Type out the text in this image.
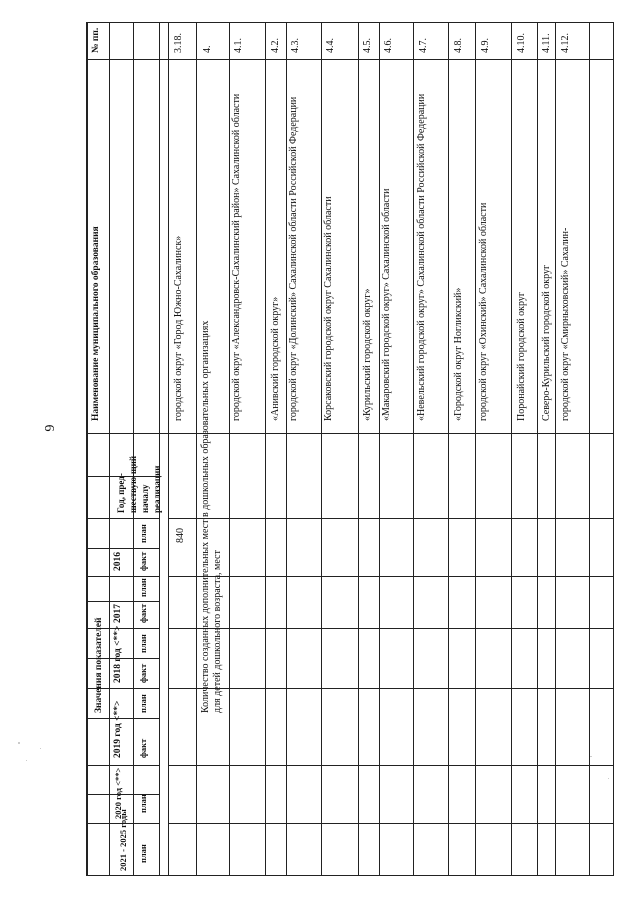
6
№ пп.
Наименование муниципального образования
Год, пред-шествую-щий началу реализации
Значения показателей
2016
2017
2018 год <**>
2019 год <**>
2020 год <**>
2021 - 2025 годы
план
факт
план
факт
план
факт
план
факт
план
план
3.18.
городской округ «Город Южно-Сахалинск»
840
4.
Количество созданных дополнительных мест в дошкольных образовательных организациях для детей дошкольного возраста, мест
4.1.
городской округ «Александровск-Сахалинский район» Сахалинской области
4.2.
«Анивский городской округ»
4.3.
городской округ «Долинский» Сахалинской области Российской Федерации
4.4.
Корсаковский городской округ Сахалинской области
4.5.
«Курильский городской округ»
4.6.
«Макаровский городской округ» Сахалинской области
4.7.
«Невельский городской округ» Сахалинской области Российской Федерации
4.8.
«Городской округ Ногликский»
4.9.
городской округ «Охинский» Сахалинской области
4.10.
Поронайский городской округ
4.11.
Северо-Курильский городской округ
4.12.
городской округ «Смирныховский» Сахалин-
